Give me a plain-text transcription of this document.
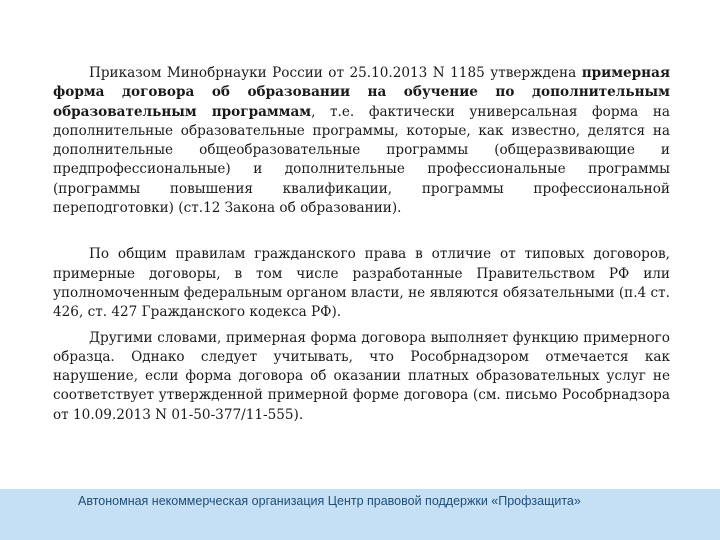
Приказом Минобрнауки России от 25.10.2013 N 1185 утверждена примерная форма договора об образовании на обучение по дополнительным образовательным программам, т.е. фактически универсальная форма на дополнительные образовательные программы, которые, как известно, делятся на дополнительные общеобразовательные программы (общеразвивающие и предпрофессиональные) и дополнительные профессиональные программы (программы повышения квалификации, программы профессиональной переподготовки) (ст.12 Закона об образовании).

По общим правилам гражданского права в отличие от типовых договоров, примерные договоры, в том числе разработанные Правительством РФ или уполномоченным федеральным органом власти, не являются обязательными (п.4 ст. 426, ст. 427 Гражданского кодекса РФ).

Другими словами, примерная форма договора выполняет функцию примерного образца. Однако следует учитывать, что Рособрнадзором отмечается как нарушение, если форма договора об оказании платных образовательных услуг не соответствует утвержденной примерной форме договора (см. письмо Рособрнадзора от 10.09.2013 N 01-50-377/11-555).

Автономная некоммерческая организация Центр правовой поддержки «Профзащита»
